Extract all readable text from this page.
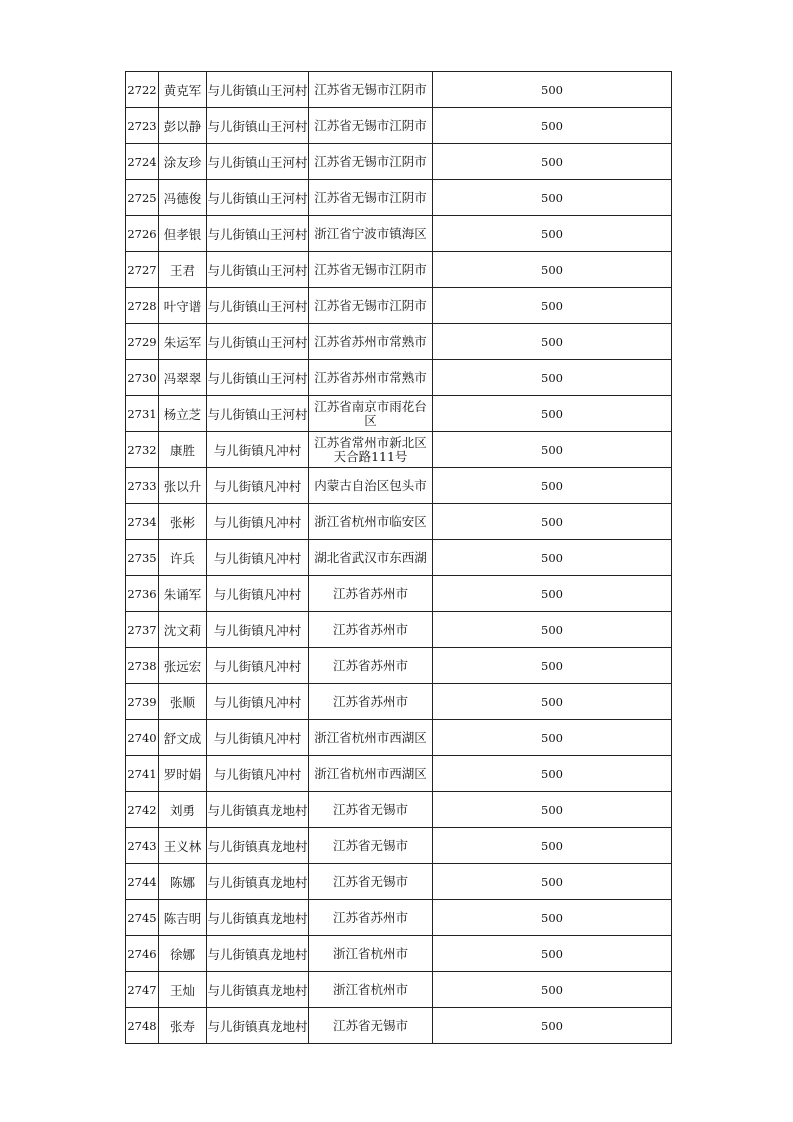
2722	黄克军	与儿街镇山王河村	江苏省无锡市江阴市	500
2723	彭以静	与儿街镇山王河村	江苏省无锡市江阴市	500
2724	涂友珍	与儿街镇山王河村	江苏省无锡市江阴市	500
2725	冯德俊	与儿街镇山王河村	江苏省无锡市江阴市	500
2726	但孝银	与儿街镇山王河村	浙江省宁波市镇海区	500
2727	王君	与儿街镇山王河村	江苏省无锡市江阴市	500
2728	叶守谱	与儿街镇山王河村	江苏省无锡市江阴市	500
2729	朱运军	与儿街镇山王河村	江苏省苏州市常熟市	500
2730	冯翠翠	与儿街镇山王河村	江苏省苏州市常熟市	500
2731	杨立芝	与儿街镇山王河村	江苏省南京市雨花台区	500
2732	康胜	与儿街镇凡冲村	江苏省常州市新北区天合路111号	500
2733	张以升	与儿街镇凡冲村	内蒙古自治区包头市	500
2734	张彬	与儿街镇凡冲村	浙江省杭州市临安区	500
2735	许兵	与儿街镇凡冲村	湖北省武汉市东西湖	500
2736	朱诵军	与儿街镇凡冲村	江苏省苏州市	500
2737	沈文莉	与儿街镇凡冲村	江苏省苏州市	500
2738	张远宏	与儿街镇凡冲村	江苏省苏州市	500
2739	张顺	与儿街镇凡冲村	江苏省苏州市	500
2740	舒文成	与儿街镇凡冲村	浙江省杭州市西湖区	500
2741	罗时娟	与儿街镇凡冲村	浙江省杭州市西湖区	500
2742	刘勇	与儿街镇真龙地村	江苏省无锡市	500
2743	王义林	与儿街镇真龙地村	江苏省无锡市	500
2744	陈娜	与儿街镇真龙地村	江苏省无锡市	500
2745	陈吉明	与儿街镇真龙地村	江苏省苏州市	500
2746	徐娜	与儿街镇真龙地村	浙江省杭州市	500
2747	王灿	与儿街镇真龙地村	浙江省杭州市	500
2748	张寿	与儿街镇真龙地村	江苏省无锡市	500
